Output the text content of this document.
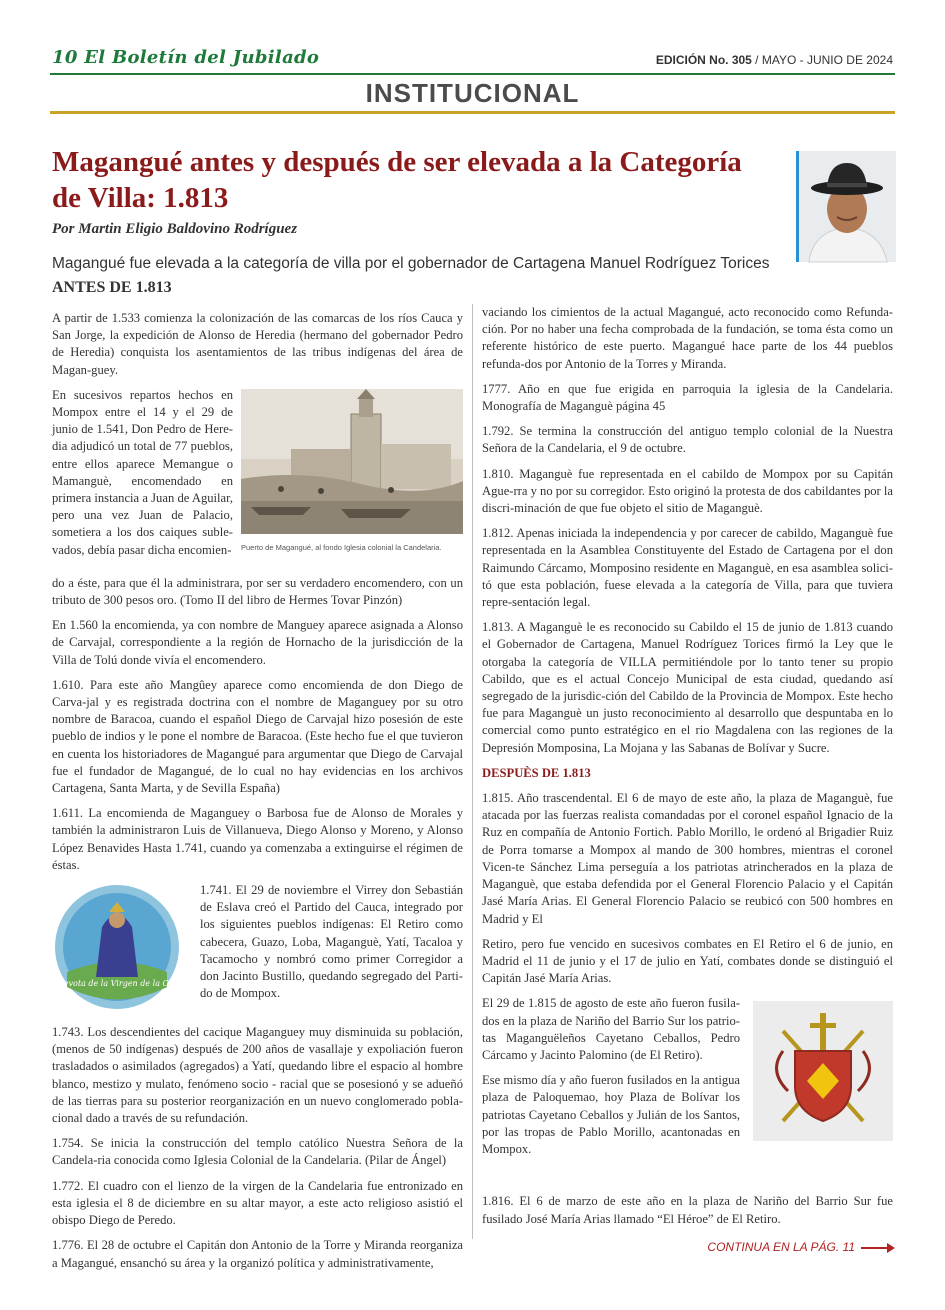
10 El Boletín del Jubilado	EDICIÓN No. 305 / MAYO - JUNIO DE 2024
INSTITUCIONAL
Magangué antes y después de ser elevada a la Categoría de Villa: 1.813
Por Martin Eligio Baldovino Rodríguez
Magangué fue elevada a la categoría de villa por el gobernador de Cartagena Manuel Rodríguez Torices
ANTES DE 1.813

A partir de 1.533 comienza la colonización de las comarcas de los ríos Cauca y San Jorge, la expedición de Alonso de Heredia (hermano del gobernador Pedro de Heredia) conquista los asentamientos de las tribus indígenas del área de Magan-guey.

En sucesivos repartos hechos en Mompox entre el 14 y el 29 de junio de 1.541, Don Pedro de Here-dia adjudicó un total de 77 pueblos, entre ellos aparece Memangue o Mamanguè, encomendado en primera instancia a Juan de Aguilar, pero una vez Juan de Palacio, sometiera a los dos caiques suble-vados, debía pasar dicha encomien- Puerto de Magangué, al fondo Iglesia colonial la Candelaria.

do a éste, para que él la administrara, por ser su verdadero encomendero, con un tributo de 300 pesos oro. (Tomo II del libro de Hermes Tovar Pinzón)

En 1.560 la encomienda, ya con nombre de Manguey aparece asignada a Alonso de Carvajal, correspondiente a la región de Hornacho de la jurisdicción de la Villa de Tolú donde vivía el encomendero.

1.610. Para este año Mangûey aparece como encomienda de don Diego de Carva-jal y es registrada doctrina con el nombre de Maganguey por su otro nombre de Baracoa, cuando el español Diego de Carvajal hizo posesión de este pueblo de indios y le pone el nombre de Baracoa. (Este hecho fue el que tuvieron en cuenta los historiadores de Magangué para argumentar que Diego de Carvajal fue el fundador de Magangué, de lo cual no hay evidencias en los archivos Cartagena, Santa Marta, y de Sevilla España)

1.611. La encomienda de Maganguey o Barbosa fue de Alonso de Morales y también la administraron Luis de Villanueva, Diego Alonso y Moreno, y Alonso López Benavides Hasta 1.741, cuando ya comenzaba a extinguirse el régimen de éstas.

San Pa Devota de la Virgen de la Candelaria
1.741. El 29 de noviembre el Virrey don Sebastián de Eslava creó el Partido del Cauca, integrado por los siguientes pueblos indígenas: El Retiro como cabecera, Guazo, Loba, Maganguè, Yatí, Tacaloa y Tacamocho y nombró como primer Corregidor a don Jacinto Bustillo, quedando segregado del Parti-do de Mompox.

1.743. Los descendientes del cacique Maganguey muy disminuida su población, (menos de 50 indígenas) después de 200 años de vasallaje y expoliación fueron trasladados o asimilados (agregados) a Yatí, quedando libre el espacio al hombre blanco, mestizo y mulato, fenómeno socio - racial que se posesionó y se adueñó de las tierras para su posterior reorganización en un nuevo conglomerado pobla-cional dado a través de su refundación.

1.754. Se inicia la construcción del templo católico Nuestra Señora de la Candela-ria conocida como Iglesia Colonial de la Candelaria. (Pilar de Ángel)

1.772. El cuadro con el lienzo de la virgen de la Candelaria fue entronizado en esta iglesia el 8 de diciembre en su altar mayor, a este acto religioso asistió el obispo Diego de Peredo.

1.776. El 28 de octubre el Capitán don Antonio de la Torre y Miranda reorganiza a Magangué, ensanchó su área y la organizó política y administrativamente,

vaciando los cimientos de la actual Magangué, acto reconocido como Refunda-ción. Por no haber una fecha comprobada de la fundación, se toma ésta como un referente histórico de este puerto. Magangué hace parte de los 44 pueblos refunda-dos por Antonio de la Torres y Miranda.

1777. Año en que fue erigida en parroquia la iglesia de la Candelaria. Monografía de Maganguè página 45

1.792. Se termina la construcción del antiguo templo colonial de la Nuestra Señora de la Candelaria, el 9 de octubre.

1.810. Maganguè fue representada en el cabildo de Mompox por su Capitán Ague-rra y no por su corregidor. Esto originó la protesta de dos cabildantes por la discri-minación de que fue objeto el sitio de Maganguè.

1.812. Apenas iniciada la independencia y por carecer de cabildo, Maganguè fue representada en la Asamblea Constituyente del Estado de Cartagena por el don Raimundo Cárcamo, Momposino residente en Maganguè, en esa asamblea solici-tó que esta población, fuese elevada a la categoría de Villa, para que tuviera repre-sentación legal.

1.813. A Maganguè le es reconocido su Cabildo el 15 de junio de 1.813 cuando el Gobernador de Cartagena, Manuel Rodríguez Torices firmó la Ley que le otorgaba la categoría de VILLA permitiéndole por lo tanto tener su propio Cabildo, que es el actual Concejo Municipal de esta ciudad, quedando así segregado de la jurisdic-ción del Cabildo de la Provincia de Mompox. Este hecho fue para Maganguè un justo reconocimiento al desarrollo que despuntaba en lo comercial como punto estratégico en el rio Magdalena con las regiones de la Depresión Momposina, La Mojana y las Sabanas de Bolívar y Sucre.

DESPUÈS DE 1.813

1.815. Año trascendental. El 6 de mayo de este año, la plaza de Maganguè, fue atacada por las fuerzas realista comandadas por el coronel español Ignacio de la Ruz en compañía de Antonio Fortich. Pablo Morillo, le ordenó al Brigadier Ruiz de Porra tomarse a Mompox al mando de 300 hombres, mientras el coronel Vicen-te Sánchez Lima perseguía a los patriotas atrincherados en la plaza de Maganguè, que estaba defendida por el General Florencio Palacio y el Capitán Jasé María Arias. El General Florencio Palacio se reubicó con 500 hombres en Madrid y El

Retiro, pero fue vencido en sucesivos combates en El Retiro el 6 de junio, en Madrid el 11 de junio y el 17 de julio en Yatí, combates donde se distinguió el Capitán Jasé María Arias.

El 29 de 1.815 de agosto de este año fueron fusila-dos en la plaza de Nariño del Barrio Sur los patrio-tas Maganguëleños Cayetano Ceballos, Pedro Cárcamo y Jacinto Palomino (de El Retiro).

Ese mismo día y año fueron fusilados en la antigua plaza de Paloquemao, hoy Plaza de Bolívar los patriotas Cayetano Ceballos y Julián de los Santos, por las tropas de Pablo Morillo, acantonadas en Mompox.

1.816. El 6 de marzo de este año en la plaza de Nariño del Barrio Sur fue fusilado José María Arias llamado “El Héroe” de El Retiro.

CONTINUA EN LA PÁG. 11
